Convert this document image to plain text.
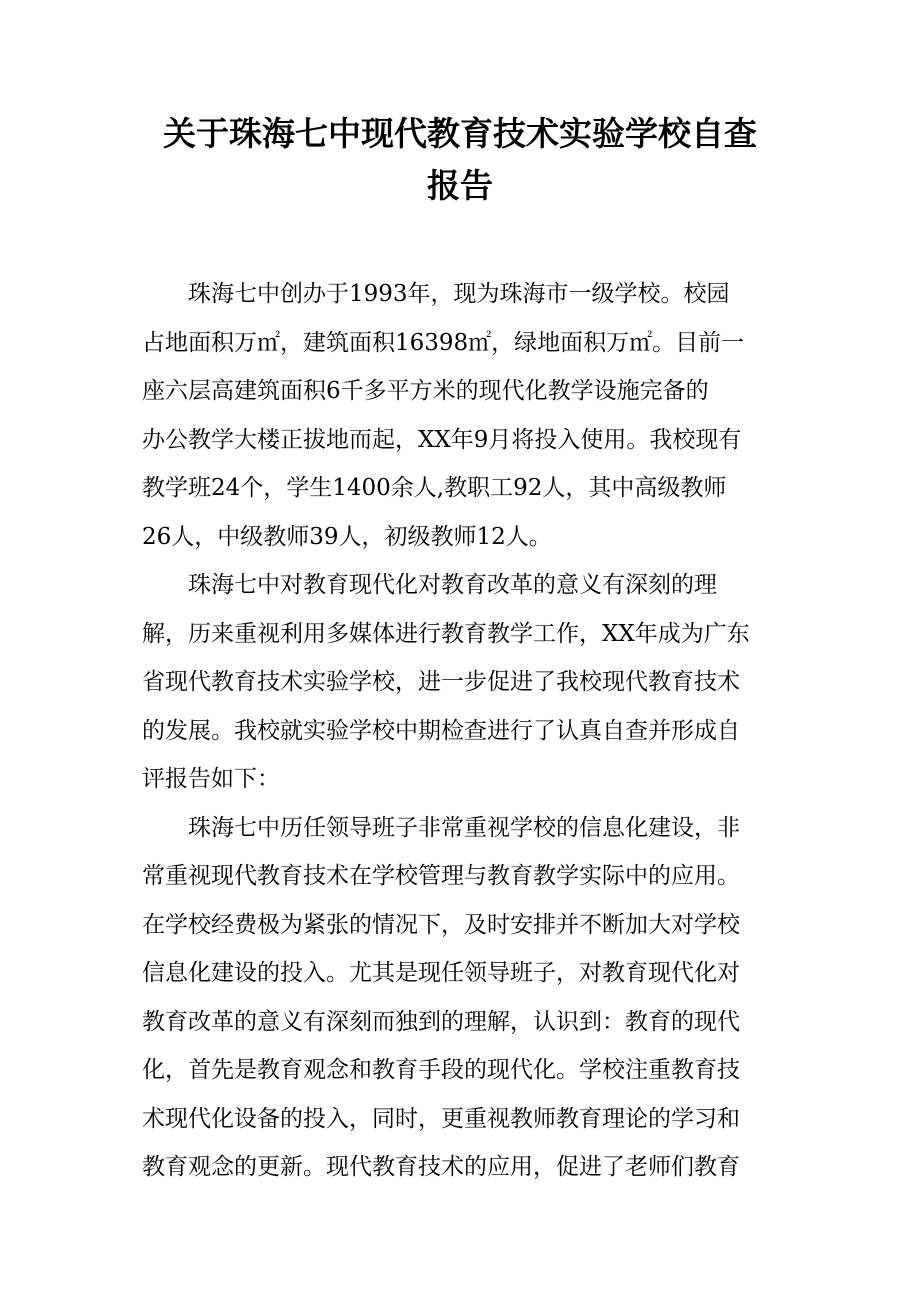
关于珠海七中现代教育技术实验学校自查
报告
珠海七中创办于1993年，现为珠海市一级学校。校园
占地面积万㎡，建筑面积16398㎡，绿地面积万㎡。目前一
座六层高建筑面积6千多平方米的现代化教学设施完备的
办公教学大楼正拔地而起，XX年9月将投入使用。我校现有
教学班24个，学生1400余人,教职工92人，其中高级教师
26人，中级教师39人，初级教师12人。
珠海七中对教育现代化对教育改革的意义有深刻的理
解，历来重视利用多媒体进行教育教学工作，XX年成为广东
省现代教育技术实验学校，进一步促进了我校现代教育技术
的发展。我校就实验学校中期检查进行了认真自查并形成自
评报告如下：
珠海七中历任领导班子非常重视学校的信息化建设，非
常重视现代教育技术在学校管理与教育教学实际中的应用。
在学校经费极为紧张的情况下，及时安排并不断加大对学校
信息化建设的投入。尤其是现任领导班子，对教育现代化对
教育改革的意义有深刻而独到的理解，认识到：教育的现代
化，首先是教育观念和教育手段的现代化。学校注重教育技
术现代化设备的投入，同时，更重视教师教育理论的学习和
教育观念的更新。现代教育技术的应用，促进了老师们教育
